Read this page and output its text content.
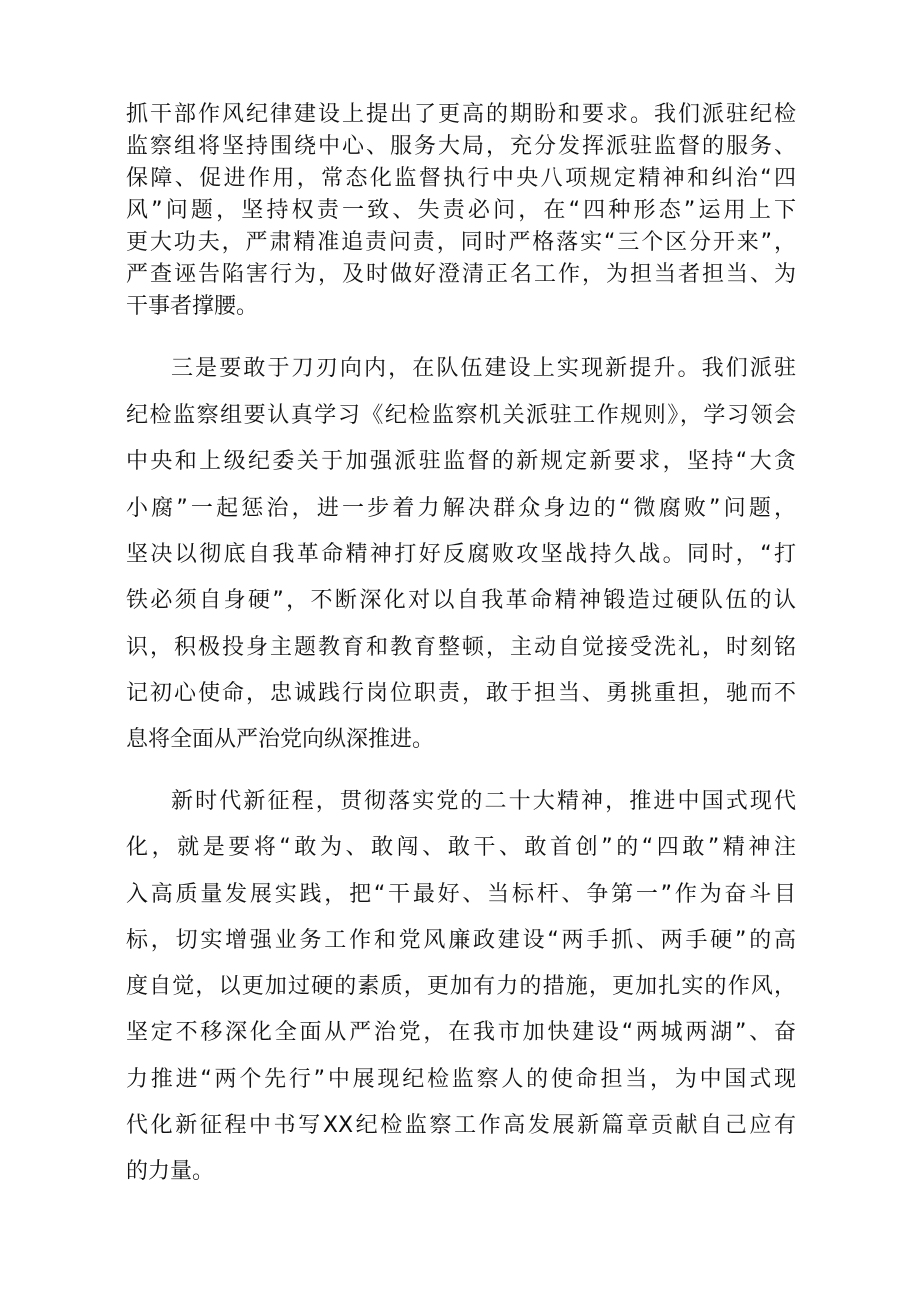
抓干部作风纪律建设上提出了更高的期盼和要求。我们派驻纪检
监察组将坚持围绕中心、服务大局，充分发挥派驻监督的服务、
保障、促进作用，常态化监督执行中央八项规定精神和纠治“四
风”问题，坚持权责一致、失责必问，在“四种形态”运用上下
更大功夫，严肃精准追责问责，同时严格落实“三个区分开来”，
严查诬告陷害行为，及时做好澄清正名工作，为担当者担当、为
干事者撑腰。
三是要敢于刀刃向内，在队伍建设上实现新提升。我们派驻
纪检监察组要认真学习《纪检监察机关派驻工作规则》，学习领会
中央和上级纪委关于加强派驻监督的新规定新要求，坚持“大贪
小腐”一起惩治，进一步着力解决群众身边的“微腐败”问题，
坚决以彻底自我革命精神打好反腐败攻坚战持久战。同时，“打
铁必须自身硬”，不断深化对以自我革命精神锻造过硬队伍的认
识，积极投身主题教育和教育整顿，主动自觉接受洗礼，时刻铭
记初心使命，忠诚践行岗位职责，敢于担当、勇挑重担，驰而不
息将全面从严治党向纵深推进。
新时代新征程，贯彻落实党的二十大精神，推进中国式现代
化，就是要将“敢为、敢闯、敢干、敢首创”的“四敢”精神注
入高质量发展实践，把“干最好、当标杆、争第一”作为奋斗目
标，切实增强业务工作和党风廉政建设“两手抓、两手硬”的高
度自觉，以更加过硬的素质，更加有力的措施，更加扎实的作风，
坚定不移深化全面从严治党，在我市加快建设“两城两湖”、奋
力推进“两个先行”中展现纪检监察人的使命担当，为中国式现
代化新征程中书写XX纪检监察工作高发展新篇章贡献自己应有
的力量。
